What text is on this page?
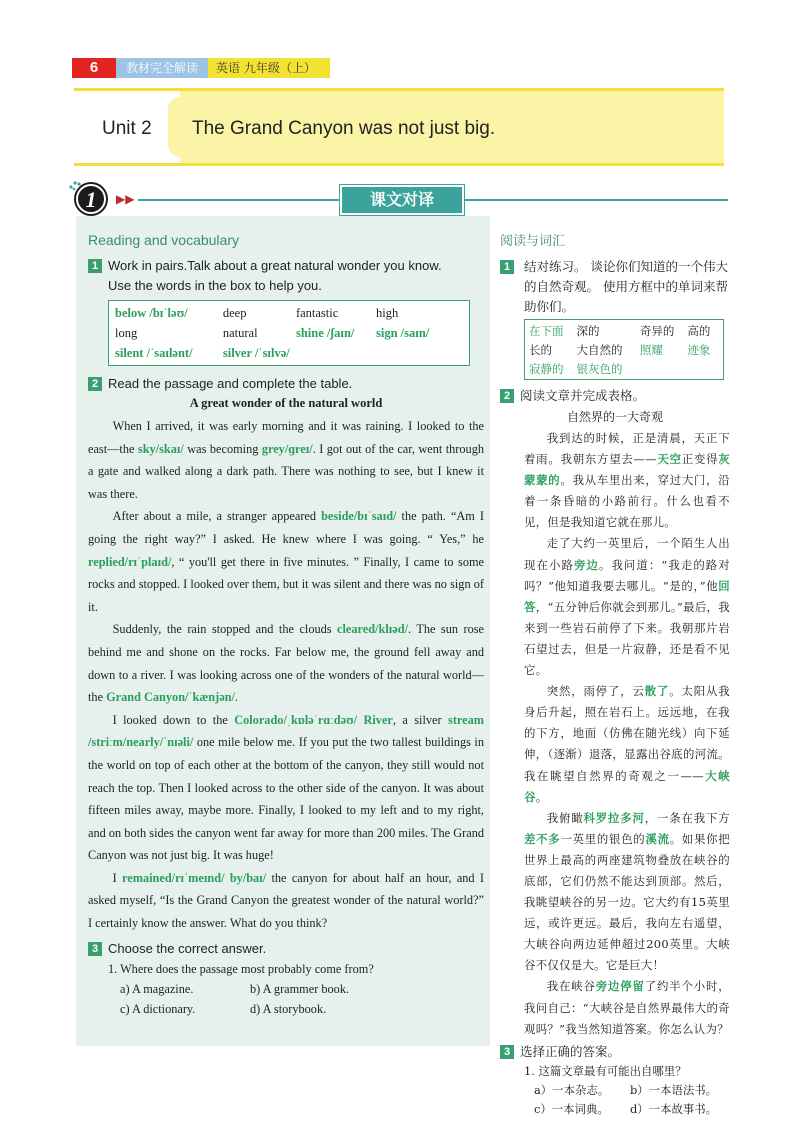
6	教材完全解读	英语 九年级（上）
Unit 2 The Grand Canyon was not just big.
1	▶▶	课文对译
Reading and vocabulary
1 Work in pairs.Talk about a great natural wonder you know.
Use the words in the box to help you.
below /bɪˈləʊ/	deep	fantastic	high
long	natural	shine /ʃaɪn/	sign /saɪn/
silent /ˈsaɪlənt/	silver /ˈsɪlvə/		
2 Read the passage and complete the table.
A great wonder of the natural world

When I arrived, it was early morning and it was raining. I looked to the east—the sky/skaɪ/ was becoming grey/ɡreɪ/. I got out of the car, went through a gate and walked along a dark path. There was nothing to see, but I knew it was there.

After about a mile, a stranger appeared beside/bɪˈsaɪd/ the path. “Am I going the right way?” I asked. He knew where I was going. “ Yes,” he replied/rɪˈplaɪd/, “ you'll get there in five minutes. ” Finally, I came to some rocks and stopped. I looked over them, but it was silent and there was no sign of it.

Suddenly, the rain stopped and the clouds cleared/klɪəd/. The sun rose behind me and shone on the rocks. Far below me, the ground fell away and down to a river. I was looking across one of the wonders of the natural world—the Grand Canyon/ˈkænjən/.

I looked down to the Colorado/ˌkɒləˈrɑːdəʊ/ River, a silver stream /striːm/nearly/ˈnɪəli/ one mile below me. If you put the two tallest buildings in the world on top of each other at the bottom of the canyon, they still would not reach the top. Then I looked across to the other side of the canyon. It was about fifteen miles away, maybe more. Finally, I looked to my left and to my right, and on both sides the canyon went far away for more than 200 miles. The Grand Canyon was not just big. It was huge!

I remained/rɪˈmeɪnd/ by/baɪ/ the canyon for about half an hour, and I asked myself, “Is the Grand Canyon the greatest wonder of the natural world?” I certainly know the answer. What do you think?

3 Choose the correct answer.
1. Where does the passage most probably come from?
a) A magazine.	b) A grammer book.
c) A dictionary.	d) A storybook.
阅读与词汇
1	结对练习。 谈论你们知道的一个伟大的自然奇观。 使用方框中的单词来帮助你们。
在下面	深的	奇异的	高的
长的	大自然的	照耀	迹象
寂静的	银灰色的		
2 阅读文章并完成表格。
自然界的一大奇观

我到达的时候，正是清晨，天正下着雨。我朝东方望去——天空正变得灰蒙蒙的。我从车里出来，穿过大门，沿着一条昏暗的小路前行。什么也看不见，但是我知道它就在那儿。

走了大约一英里后，一个陌生人出现在小路旁边。我问道：“我走的路对吗？”他知道我要去哪儿。“是的，”他回答，“五分钟后你就会到那儿。”最后，我来到一些岩石前停了下来。我朝那片岩石望过去，但是一片寂静，还是看不见它。

突然，雨停了，云散了。太阳从我身后升起，照在岩石上。远远地，在我的下方，地面（仿佛在随光线）向下延伸，（逐渐）退落，显露出谷底的河流。我在眺望自然界的奇观之一——大峡谷。

我俯瞰科罗拉多河，一条在我下方差不多一英里的银色的溪流。如果你把世界上最高的两座建筑物叠放在峡谷的底部，它们仍然不能达到顶部。然后，我眺望峡谷的另一边。它大约有15英里远，或许更远。最后，我向左右遥望，大峡谷向两边延伸超过200英里。大峡谷不仅仅是大。它是巨大！

我在峡谷旁边停留了约半个小时，我问自己：“大峡谷是自然界最伟大的奇观吗？”我当然知道答案。你怎么认为？

3 选择正确的答案。
1. 这篇文章最有可能出自哪里？
a）一本杂志。	b）一本语法书。
c）一本词典。	d）一本故事书。
